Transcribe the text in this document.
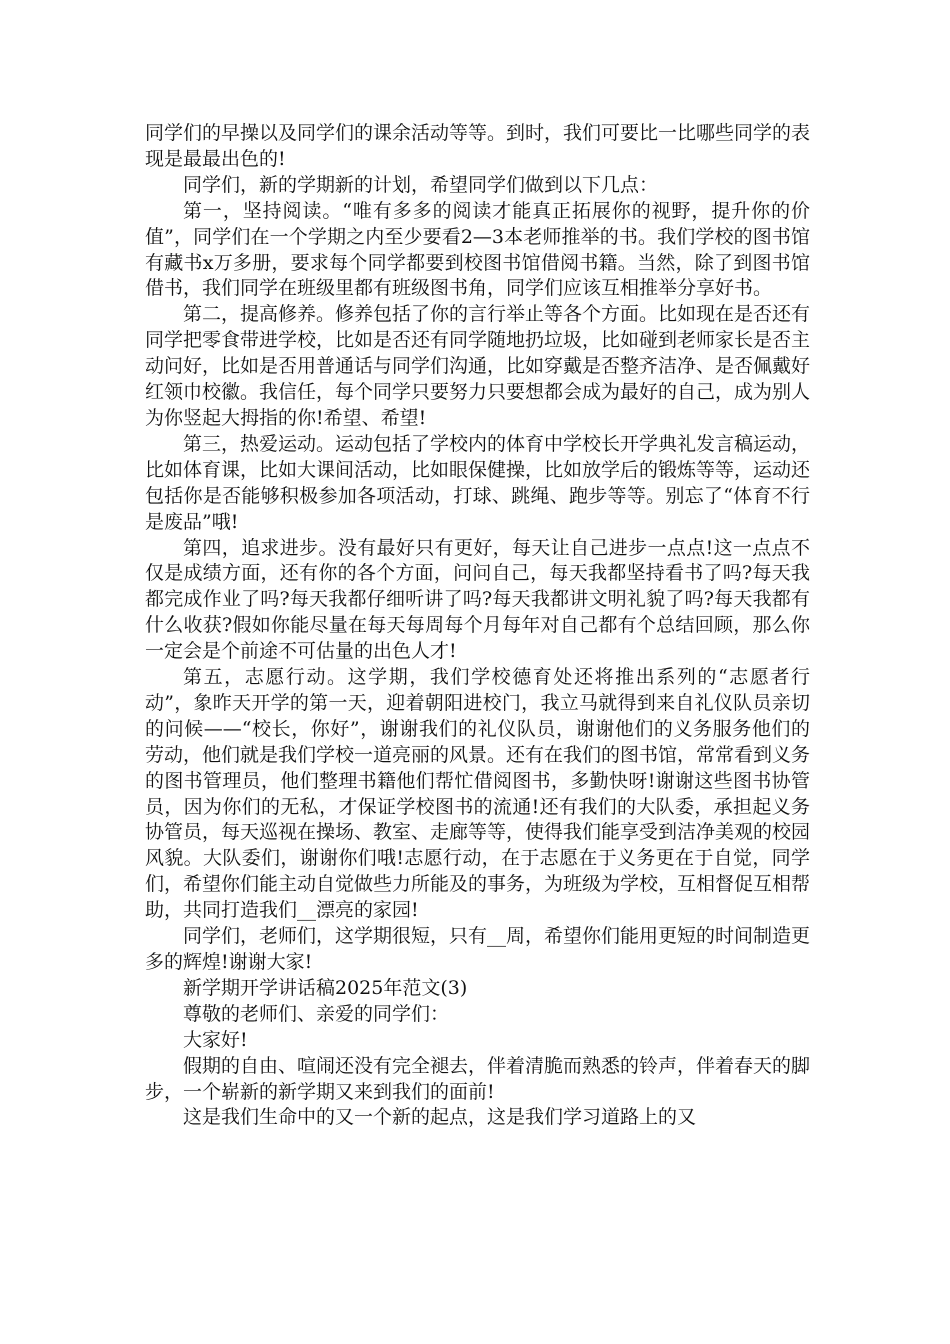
同学们的早操以及同学们的课余活动等等。到时，我们可要比一比哪些同学的表现是最最出色的!

同学们，新的学期新的计划，希望同学们做到以下几点：

第一，坚持阅读。“唯有多多的阅读才能真正拓展你的视野，提升你的价值”，同学们在一个学期之内至少要看2—3本老师推举的书。我们学校的图书馆有藏书x万多册，要求每个同学都要到校图书馆借阅书籍。当然，除了到图书馆借书，我们同学在班级里都有班级图书角，同学们应该互相推举分享好书。

第二，提高修养。修养包括了你的言行举止等各个方面。比如现在是否还有同学把零食带进学校，比如是否还有同学随地扔垃圾，比如碰到老师家长是否主动问好，比如是否用普通话与同学们沟通，比如穿戴是否整齐洁净、是否佩戴好红领巾校徽。我信任，每个同学只要努力只要想都会成为最好的自己，成为别人为你竖起大拇指的你!希望、希望!

第三，热爱运动。运动包括了学校内的体育中学校长开学典礼发言稿运动，比如体育课，比如大课间活动，比如眼保健操，比如放学后的锻炼等等，运动还包括你是否能够积极参加各项活动，打球、跳绳、跑步等等。别忘了“体育不行是废品”哦!

第四，追求进步。没有最好只有更好，每天让自己进步一点点!这一点点不仅是成绩方面，还有你的各个方面，问问自己，每天我都坚持看书了吗?每天我都完成作业了吗?每天我都仔细听讲了吗?每天我都讲文明礼貌了吗?每天我都有什么收获?假如你能尽量在每天每周每个月每年对自己都有个总结回顾，那么你一定会是个前途不可估量的出色人才!

第五，志愿行动。这学期，我们学校德育处还将推出系列的“志愿者行动”，象昨天开学的第一天，迎着朝阳进校门，我立马就得到来自礼仪队员亲切的问候——“校长，你好”，谢谢我们的礼仪队员，谢谢他们的义务服务他们的劳动，他们就是我们学校一道亮丽的风景。还有在我们的图书馆，常常看到义务的图书管理员，他们整理书籍他们帮忙借阅图书，多勤快呀!谢谢这些图书协管员，因为你们的无私，才保证学校图书的流通!还有我们的大队委，承担起义务协管员，每天巡视在操场、教室、走廊等等，使得我们能享受到洁净美观的校园风貌。大队委们，谢谢你们哦!志愿行动，在于志愿在于义务更在于自觉，同学们，希望你们能主动自觉做些力所能及的事务，为班级为学校，互相督促互相帮助，共同打造我们__漂亮的家园!

同学们，老师们，这学期很短，只有__周，希望你们能用更短的时间制造更多的辉煌!谢谢大家!

新学期开学讲话稿2025年范文(3)

尊敬的老师们、亲爱的同学们：

大家好!

假期的自由、喧闹还没有完全褪去，伴着清脆而熟悉的铃声，伴着春天的脚步，一个崭新的新学期又来到我们的面前!

这是我们生命中的又一个新的起点，这是我们学习道路上的又
